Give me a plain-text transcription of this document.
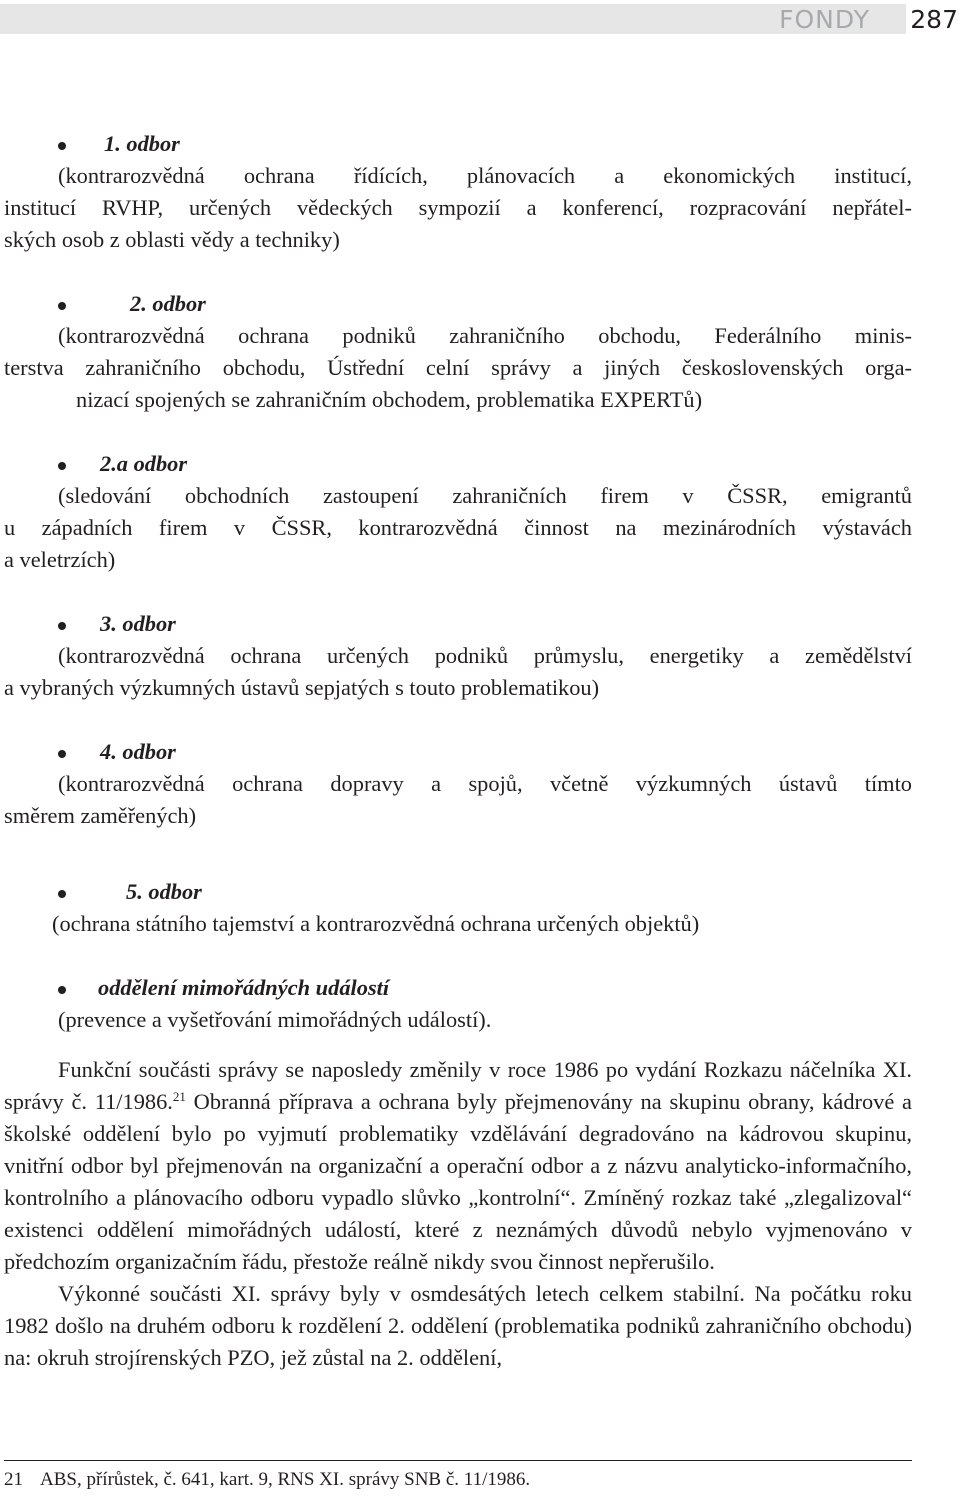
FONDY 287
1. odbor
(kontrarozvědná ochrana řídících, plánovacích a ekonomických institucí,
institucí RVHP, určených vědeckých sympozií a konferencí, rozpracování nepřátel-
ských osob z oblasti vědy a techniky)
2. odbor
(kontrarozvědná ochrana podniků zahraničního obchodu, Federálního minis-
terstva zahraničního obchodu, Ústřední celní správy a jiných československých orga-
nizací spojených se zahraničním obchodem, problematika EXPERTů)
2.a odbor
(sledování obchodních zastoupení zahraničních firem v ČSSR, emigrantů
u západních firem v ČSSR, kontrarozvědná činnost na mezinárodních výstavách
a veletrzích)
3. odbor
(kontrarozvědná ochrana určených podniků průmyslu, energetiky a zemědělství
a vybraných výzkumných ústavů sepjatých s touto problematikou)
4. odbor
(kontrarozvědná ochrana dopravy a spojů, včetně výzkumných ústavů tímto
směrem zaměřených)
5. odbor
(ochrana státního tajemství a kontrarozvědná ochrana určených objektů)
oddělení mimořádných událostí
(prevence a vyšetřování mimořádných událostí).

Funkční součásti správy se naposledy změnily v roce 1986 po vydání Rozkazu náčelníka XI. správy č. 11/1986.21 Obranná příprava a ochrana byly přejmenovány na skupinu obrany, kádrové a školské oddělení bylo po vyjmutí problematiky vzdělávání degradováno na kádrovou skupinu, vnitřní odbor byl přejmenován na organizační a operační odbor a z názvu analyticko-informačního, kontrolního a plánovacího odboru vypadlo slůvko „kontrolní“. Zmíněný rozkaz také „zlegalizoval“ existenci oddělení mimořádných událostí, které z neznámých důvodů nebylo vyjmenováno v předchozím organizačním řádu, přestože reálně nikdy svou činnost nepřerušilo.

Výkonné součásti XI. správy byly v osmdesátých letech celkem stabilní. Na počátku roku 1982 došlo na druhém odboru k rozdělení 2. oddělení (problematika podniků zahraničního obchodu) na: okruh strojírenských PZO, jež zůstal na 2. oddělení,

21 ABS, přírůstek, č. 641, kart. 9, RNS XI. správy SNB č. 11/1986.
